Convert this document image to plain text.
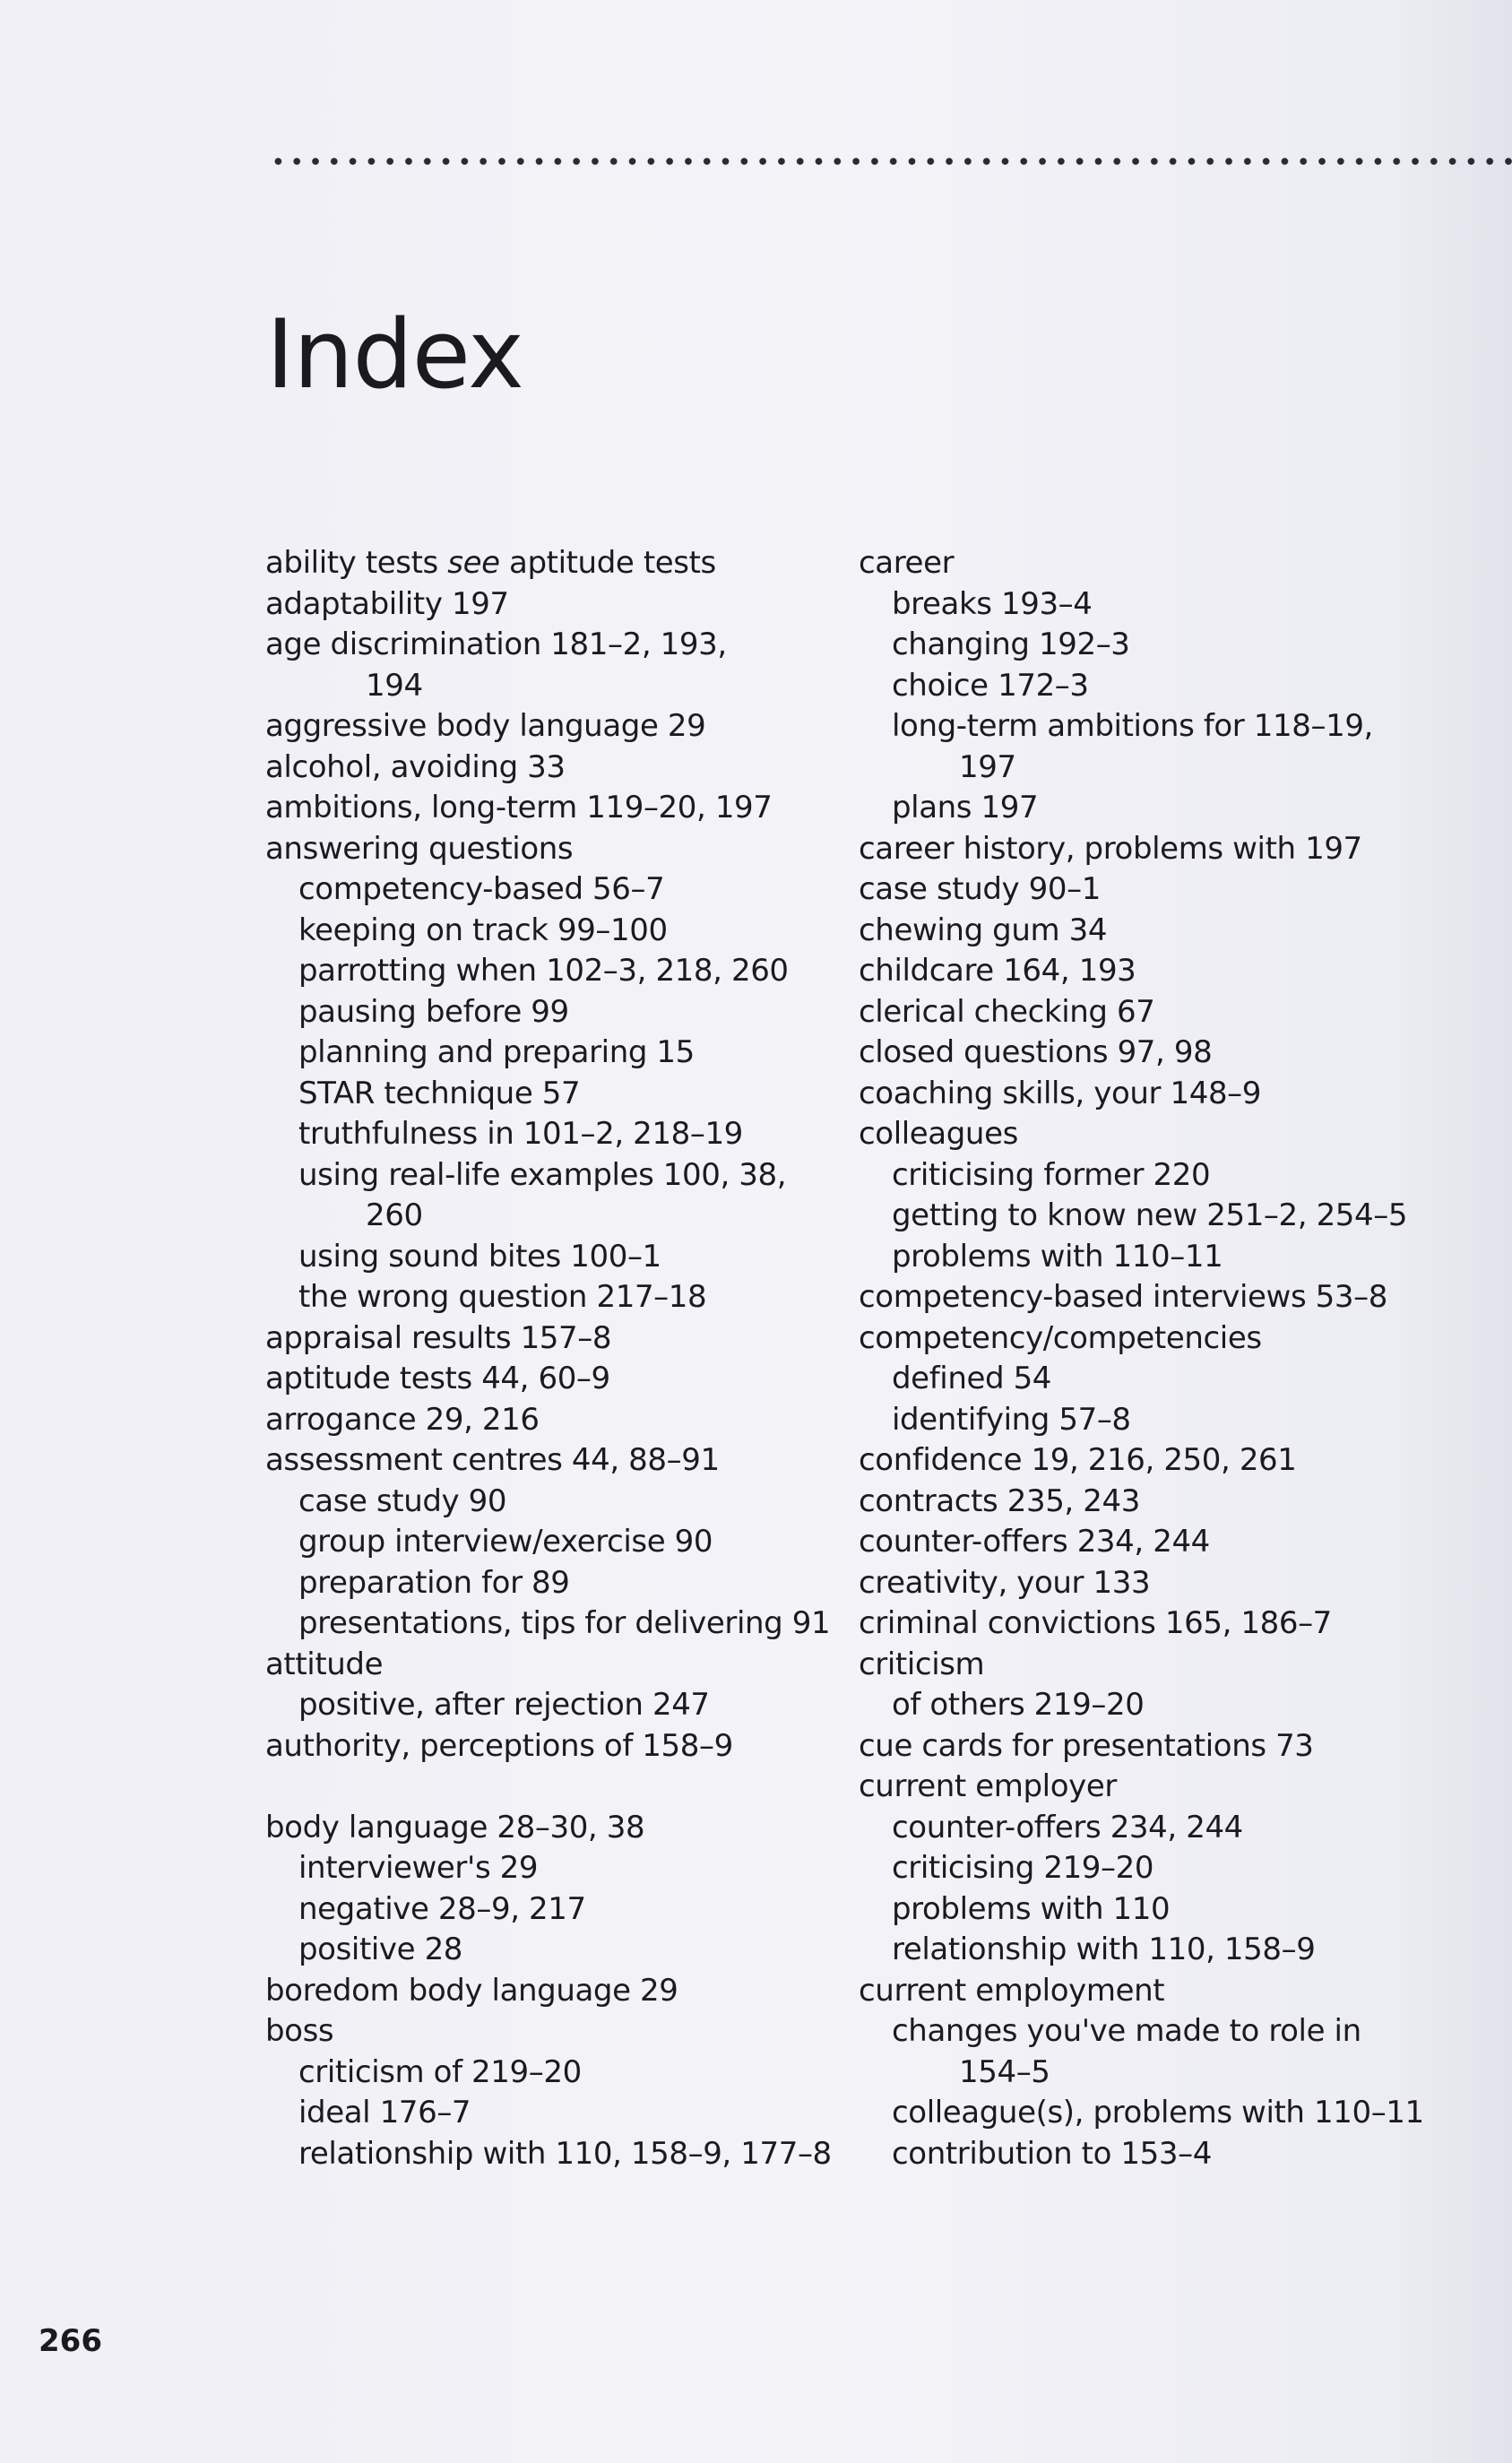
Index
ability tests see aptitude tests
adaptability 197
age discrimination 181–2, 193,
194
aggressive body language 29
alcohol, avoiding 33
ambitions, long-term 119–20, 197
answering questions
competency-based 56–7
keeping on track 99–100
parrotting when 102–3, 218, 260
pausing before 99
planning and preparing 15
STAR technique 57
truthfulness in 101–2, 218–19
using real-life examples 100, 38,
260
using sound bites 100–1
the wrong question 217–18
appraisal results 157–8
aptitude tests 44, 60–9
arrogance 29, 216
assessment centres 44, 88–91
case study 90
group interview/exercise 90
preparation for 89
presentations, tips for delivering 91
attitude
positive, after rejection 247
authority, perceptions of 158–9
body language 28–30, 38
interviewer's 29
negative 28–9, 217
positive 28
boredom body language 29
boss
criticism of 219–20
ideal 176–7
relationship with 110, 158–9, 177–8
career
breaks 193–4
changing 192–3
choice 172–3
long-term ambitions for 118–19,
197
plans 197
career history, problems with 197
case study 90–1
chewing gum 34
childcare 164, 193
clerical checking 67
closed questions 97, 98
coaching skills, your 148–9
colleagues
criticising former 220
getting to know new 251–2, 254–5
problems with 110–11
competency-based interviews 53–8
competency/competencies
defined 54
identifying 57–8
confidence 19, 216, 250, 261
contracts 235, 243
counter-offers 234, 244
creativity, your 133
criminal convictions 165, 186–7
criticism
of others 219–20
cue cards for presentations 73
current employer
counter-offers 234, 244
criticising 219–20
problems with 110
relationship with 110, 158–9
current employment
changes you've made to role in
154–5
colleague(s), problems with 110–11
contribution to 153–4
266
